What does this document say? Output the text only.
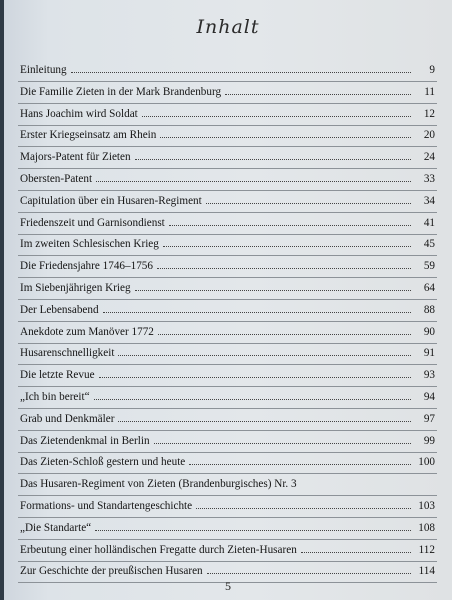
Inhalt
Einleitung	9
Die Familie Zieten in der Mark Brandenburg	11
Hans Joachim wird Soldat	12
Erster Kriegseinsatz am Rhein	20
Majors-Patent für Zieten	24
Obersten-Patent	33
Capitulation über ein Husaren-Regiment	34
Friedenszeit und Garnisondienst	41
Im zweiten Schlesischen Krieg	45
Die Friedensjahre 1746–1756	59
Im Siebenjährigen Krieg	64
Der Lebensabend	88
Anekdote zum Manöver 1772	90
Husarenschnelligkeit	91
Die letzte Revue	93
„Ich bin bereit“	94
Grab und Denkmäler	97
Das Zietendenkmal in Berlin	99
Das Zieten-Schloß gestern und heute	100
Das Husaren-Regiment von Zieten (Brandenburgisches) Nr. 3
Formations- und Standartengeschichte	103
„Die Standarte“	108
Erbeutung einer holländischen Fregatte durch Zieten-Husaren	112
Zur Geschichte der preußischen Husaren	114
5
